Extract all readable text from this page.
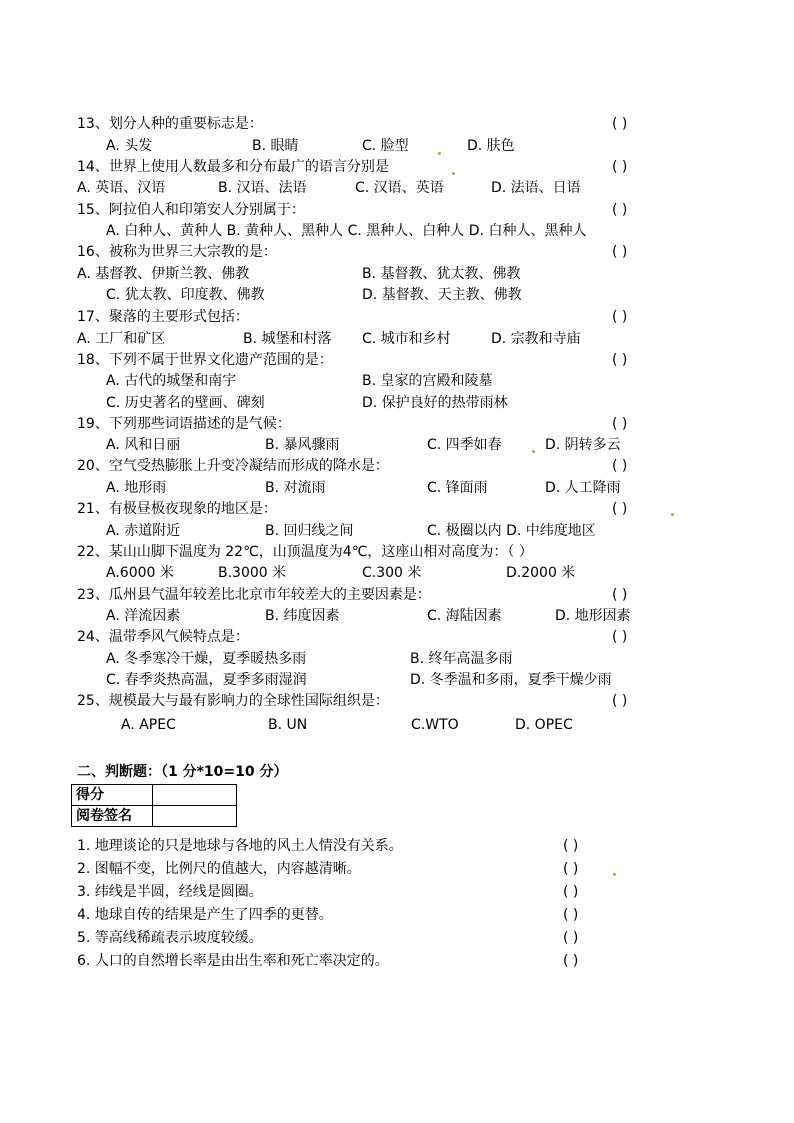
13、划分人种的重要标志是：	( )
A. 头发	B. 眼睛	C. 脸型	D. 肤色
14、世界上使用人数最多和分布最广的语言分别是	( )
A. 英语、汉语	B. 汉语、法语	C. 汉语、英语	D. 法语、日语
15、阿拉伯人和印第安人分别属于：	( )
A. 白种人、黄种人 B. 黄种人、黑种人 C. 黑种人、白种人 D. 白种人、黑种人
16、被称为世界三大宗教的是：	( )
A. 基督教、伊斯兰教、佛教	B. 基督教、犹太教、佛教
C. 犹太教、印度教、佛教	D. 基督教、天主教、佛教
17、聚落的主要形式包括：	( )
A. 工厂和矿区	B. 城堡和村落 C. 城市和乡村	D. 宗教和寺庙
18、下列不属于世界文化遗产范围的是：	( )
A. 古代的城堡和南宇	B. 皇家的宫殿和陵墓
C. 历史著名的壁画、碑刻	D. 保护良好的热带雨林
19、下列那些词语描述的是气候：	( )
A. 风和日丽	B. 暴风骤雨	C. 四季如春	D. 阴转多云
20、空气受热膨胀上升变冷凝结而形成的降水是：	( )
A. 地形雨	B. 对流雨	C. 锋面雨	D. 人工降雨
21、有极昼极夜现象的地区是：	( )
A. 赤道附近	B. 回归线之间	C. 极圈以内 D. 中纬度地区
22、某山山脚下温度为 22℃，山顶温度为4℃，这座山相对高度为：（ ）
A.6000 米	B.3000 米	C.300 米	D.2000 米
23、瓜州县气温年较差比北京市年较差大的主要因素是：	( )
A. 洋流因素	B. 纬度因素	C. 海陆因素	D. 地形因素
24、温带季风气候特点是：	( )
A. 冬季寒冷干燥，夏季暖热多雨	B. 终年高温多雨
C. 春季炎热高温，夏季多雨湿润	D. 冬季温和多雨，夏季干燥少雨
25、规模最大与最有影响力的全球性国际组织是：	( )
A. APEC	B. UN	C.WTO	D. OPEC
二、判断题：（1 分*10=10 分）
得分	
阅卷签名	
1. 地理谈论的只是地球与各地的风土人情没有关系。	( )
2. 图幅不变，比例尺的值越大，内容越清晰。	( )
3. 纬线是半圆，经线是圆圈。	( )
4. 地球自传的结果是产生了四季的更替。	( )
5. 等高线稀疏表示坡度较缓。	( )
6. 人口的自然增长率是由出生率和死亡率决定的。	( )
